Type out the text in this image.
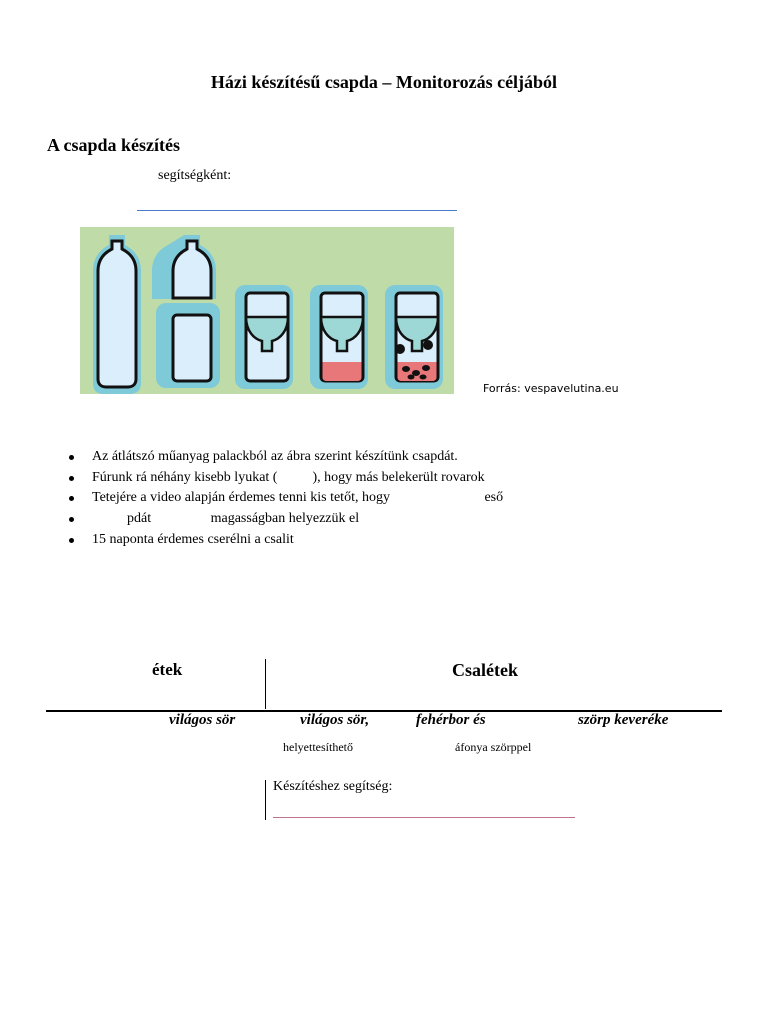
Házi készítésű csapda – Monitorozás céljából
A csapda készítés
segítségként:
Forrás: vespavelutina.eu
Az átlátszó műanyag palackból az ábra szerint készítünk csapdát.
Fúrunk rá néhány kisebb lyukat (          ), hogy más belekerült rovarok
Tetejére a video alapján érdemes tenni kis tetőt, hogy                           eső
pdát                 magasságban helyezzük el
15 naponta érdemes cserélni a csalit
étek	Csalétek
világos sör	világos sör,	fehérbor és	szörp keveréke
helyettesíthető	áfonya szörppel
Készítéshez segítség:
